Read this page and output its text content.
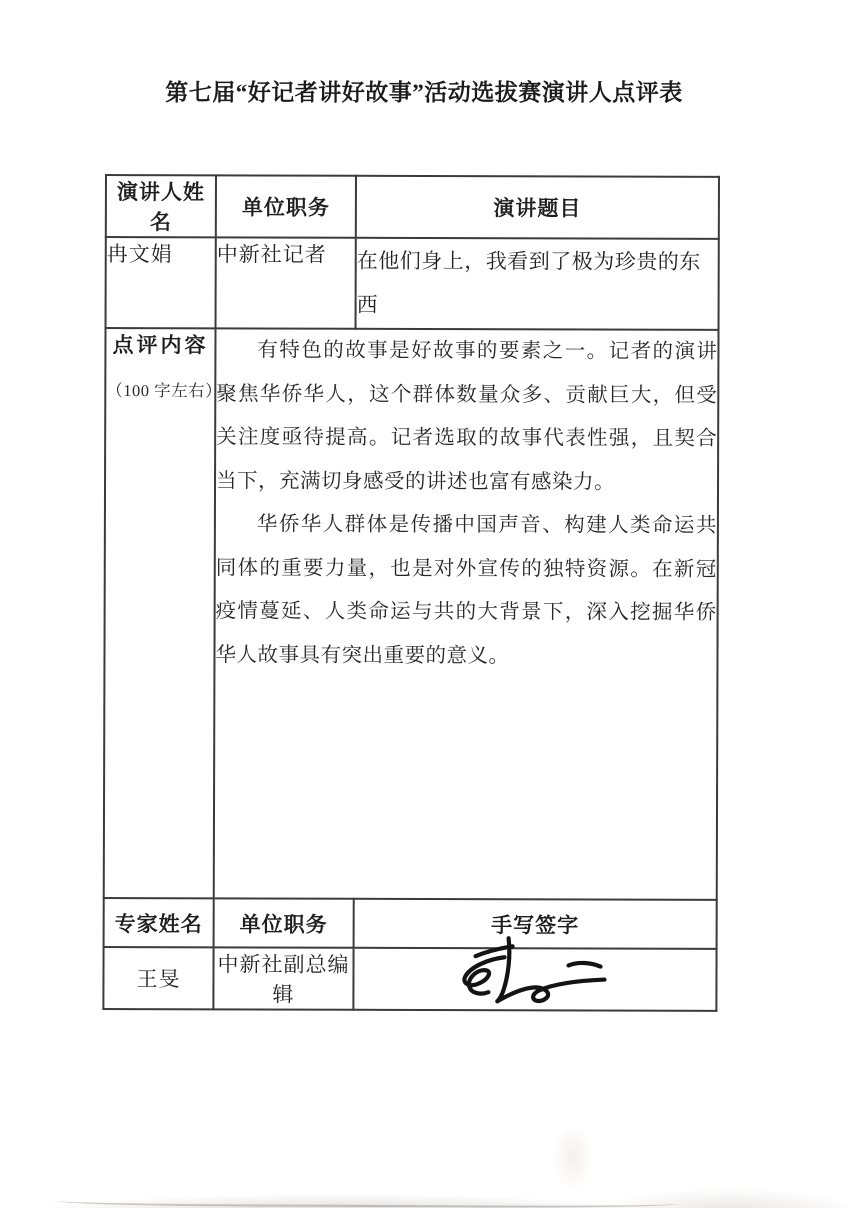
第七届“好记者讲好故事”活动选拔赛演讲人点评表
演讲人姓名	单位职务	演讲题目
冉文娟	中新社记者	在他们身上，我看到了极为珍贵的东西

点评内容
（100 字左右）

有特色的故事是好故事的要素之一。记者的演讲聚焦华侨华人，这个群体数量众多、贡献巨大，但受关注度亟待提高。记者选取的故事代表性强，且契合当下，充满切身感受的讲述也富有感染力。

华侨华人群体是传播中国声音、构建人类命运共同体的重要力量，也是对外宣传的独特资源。在新冠疫情蔓延、人类命运与共的大背景下，深入挖掘华侨华人故事具有突出重要的意义。

专家姓名	单位职务	手写签字
王旻	中新社副总编辑	
